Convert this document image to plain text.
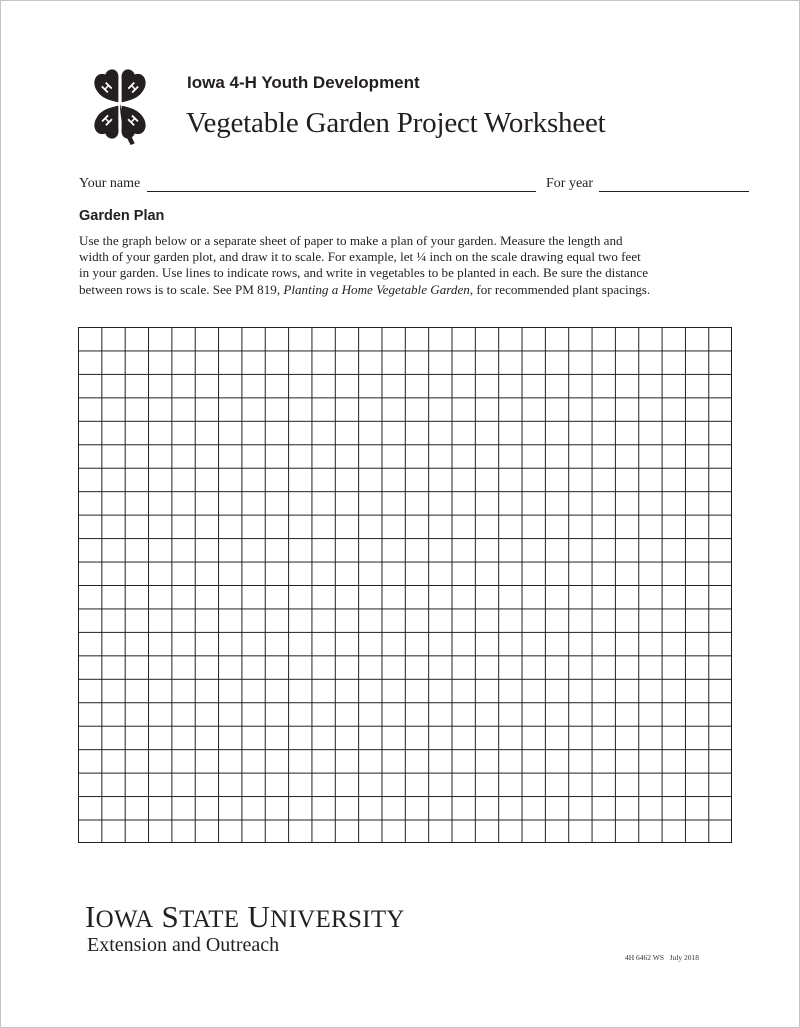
H H
H H
Iowa 4-H Youth Development
Vegetable Garden Project Worksheet
Your name	For year
Garden Plan

Use the graph below or a separate sheet of paper to make a plan of your garden. Measure the length and

width of your garden plot, and draw it to scale. For example, let ¼ inch on the scale drawing equal two feet

in your garden. Use lines to indicate rows, and write in vegetables to be planted in each. Be sure the distance

between rows is to scale. See PM 819, Planting a Home Vegetable Garden, for recommended plant spacings.

IOWA STATE UNIVERSITY
Extension and Outreach
4H 6462 WS July 2018
